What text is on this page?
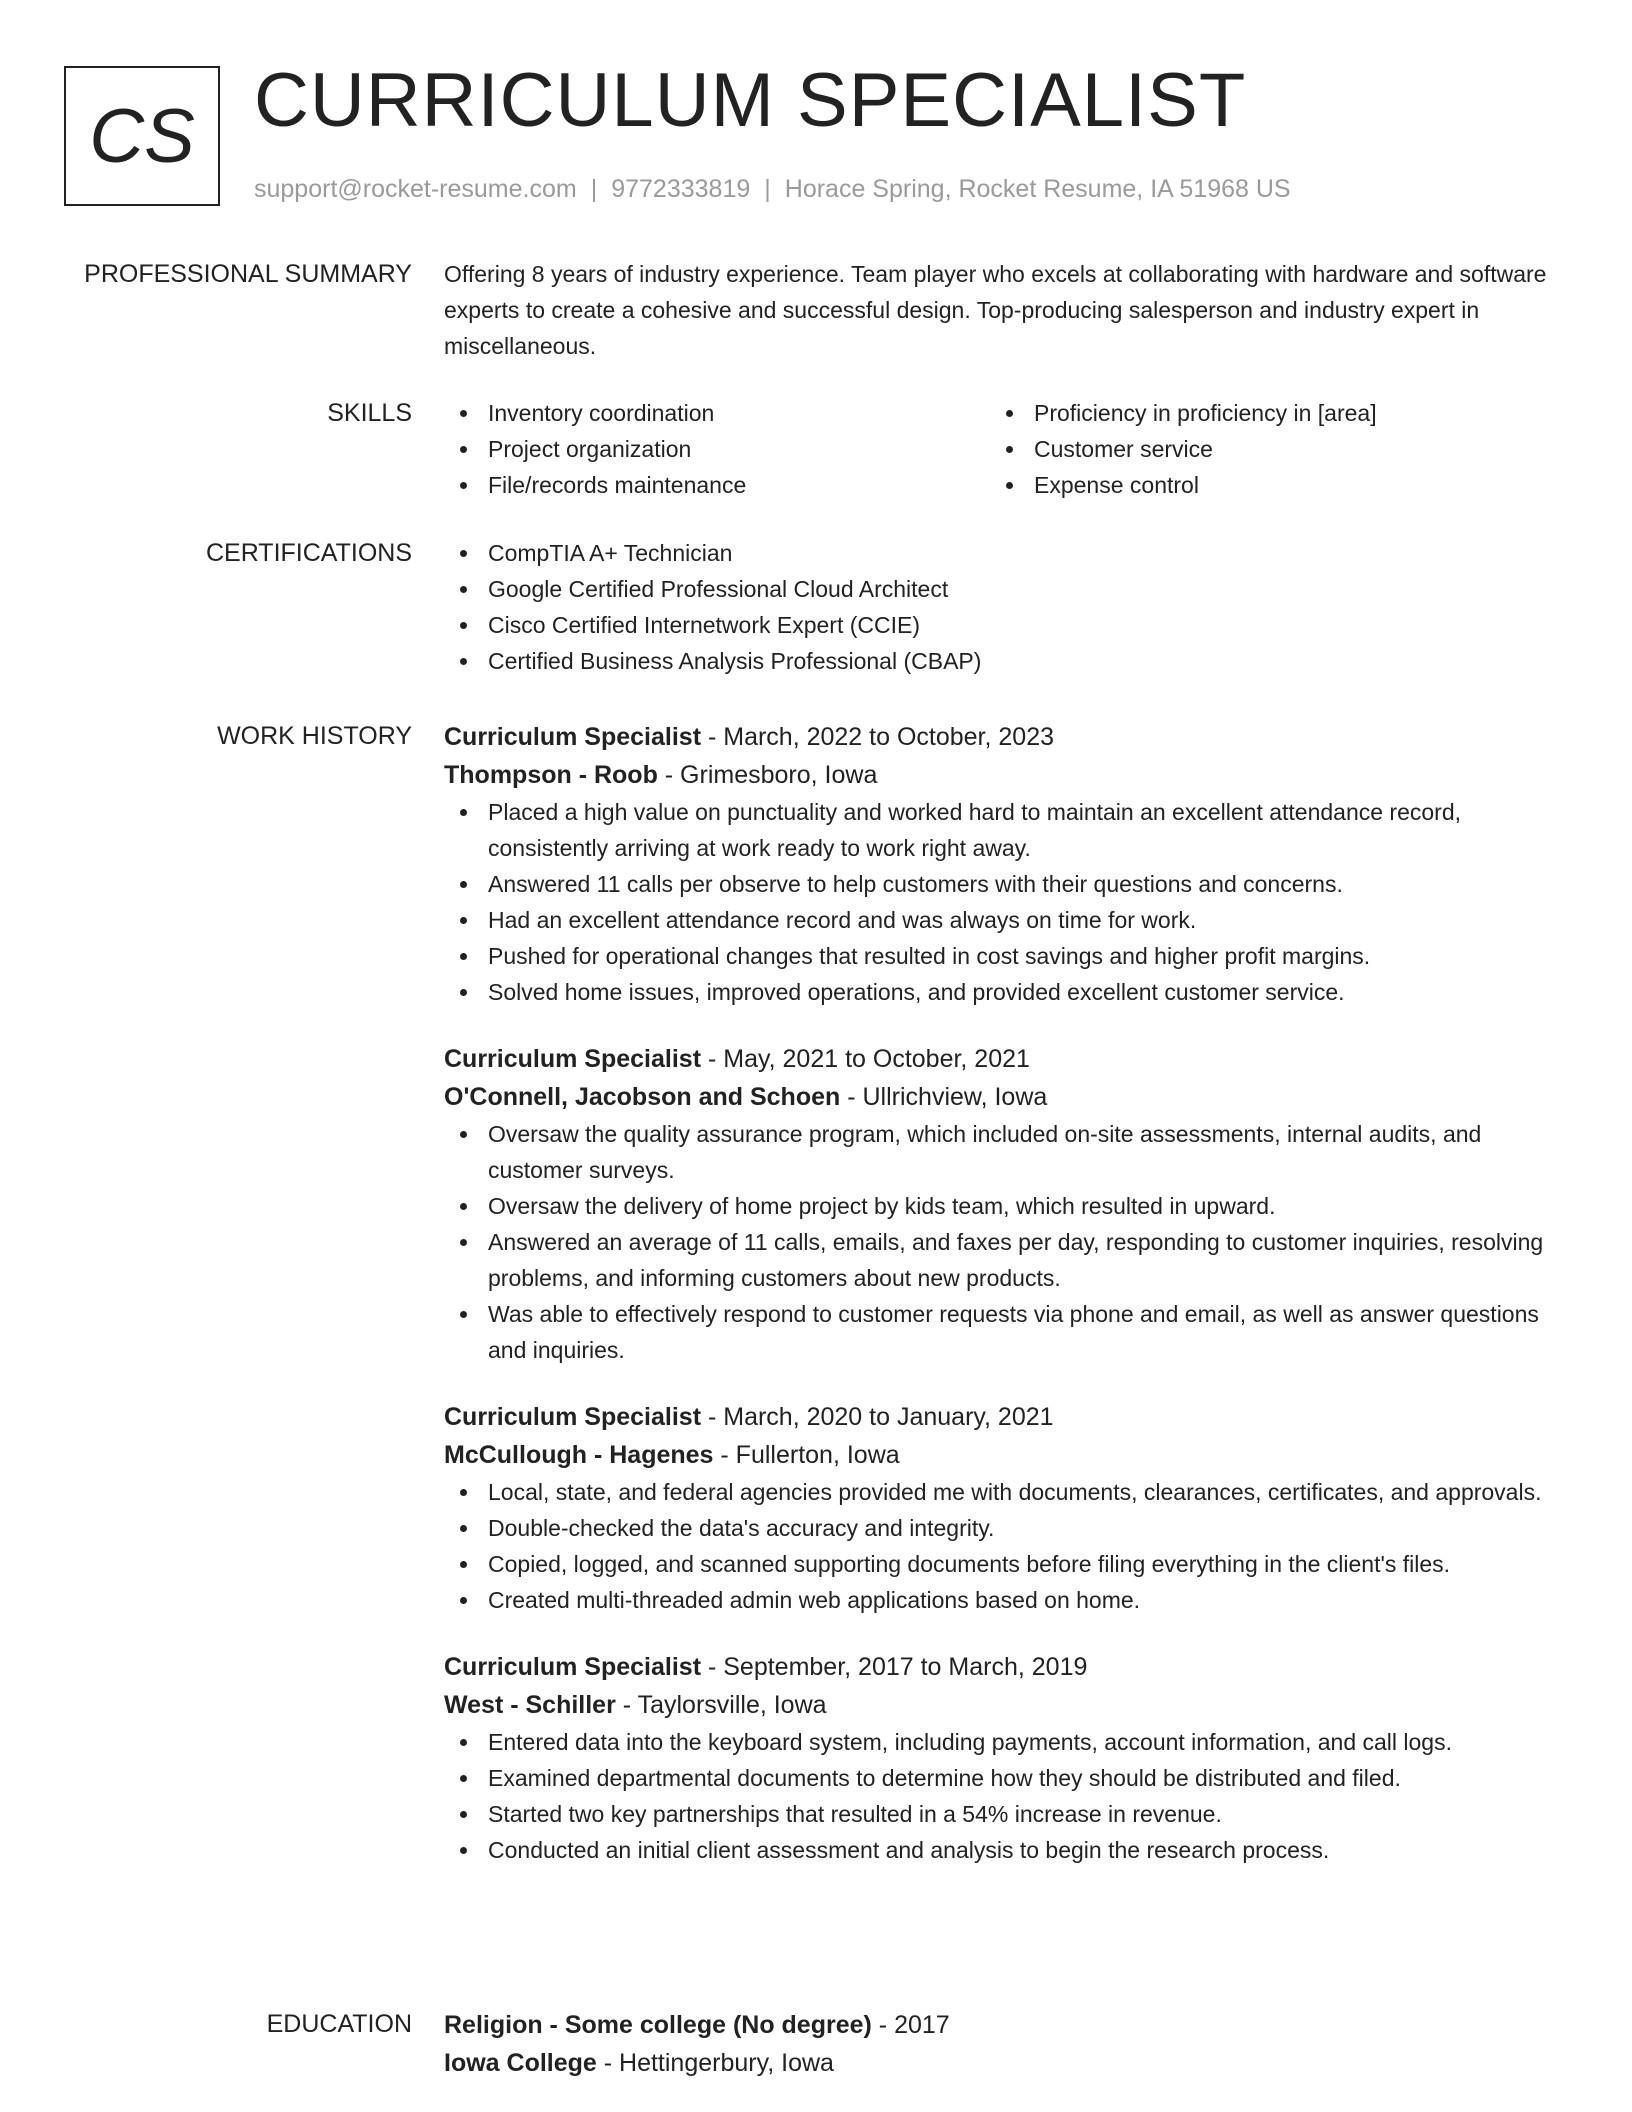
CS CURRICULUM SPECIALIST
support@rocket-resume.com | 9772333819 | Horace Spring, Rocket Resume, IA 51968 US
PROFESSIONAL SUMMARY Offering 8 years of industry experience. Team player who excels at collaborating with hardware and software experts to create a cohesive and successful design. Top-producing salesperson and industry expert in miscellaneous.

SKILLS	Inventory coordination
Project organization
File/records maintenance
Proficiency in proficiency in [area]
Customer service
Expense control
CERTIFICATIONS	CompTIA A+ Technician
Google Certified Professional Cloud Architect
Cisco Certified Internetwork Expert (CCIE)
Certified Business Analysis Professional (CBAP)
WORK HISTORY Curriculum Specialist - March, 2022 to October, 2023
Thompson - Roob - Grimesboro, Iowa
Placed a high value on punctuality and worked hard to maintain an excellent attendance record, consistently arriving at work ready to work right away.
Answered 11 calls per observe to help customers with their questions and concerns.
Had an excellent attendance record and was always on time for work.
Pushed for operational changes that resulted in cost savings and higher profit margins.
Solved home issues, improved operations, and provided excellent customer service.
Curriculum Specialist - May, 2021 to October, 2021
O'Connell, Jacobson and Schoen - Ullrichview, Iowa
Oversaw the quality assurance program, which included on-site assessments, internal audits, and customer surveys.
Oversaw the delivery of home project by kids team, which resulted in upward.
Answered an average of 11 calls, emails, and faxes per day, responding to customer inquiries, resolving problems, and informing customers about new products.
Was able to effectively respond to customer requests via phone and email, as well as answer questions and inquiries.
Curriculum Specialist - March, 2020 to January, 2021
McCullough - Hagenes - Fullerton, Iowa
Local, state, and federal agencies provided me with documents, clearances, certificates, and approvals.
Double-checked the data's accuracy and integrity.
Copied, logged, and scanned supporting documents before filing everything in the client's files.
Created multi-threaded admin web applications based on home.
Curriculum Specialist - September, 2017 to March, 2019
West - Schiller - Taylorsville, Iowa
Entered data into the keyboard system, including payments, account information, and call logs.
Examined departmental documents to determine how they should be distributed and filed.
Started two key partnerships that resulted in a 54% increase in revenue.
Conducted an initial client assessment and analysis to begin the research process.
EDUCATION Religion - Some college (No degree) - 2017
Iowa College - Hettingerbury, Iowa
